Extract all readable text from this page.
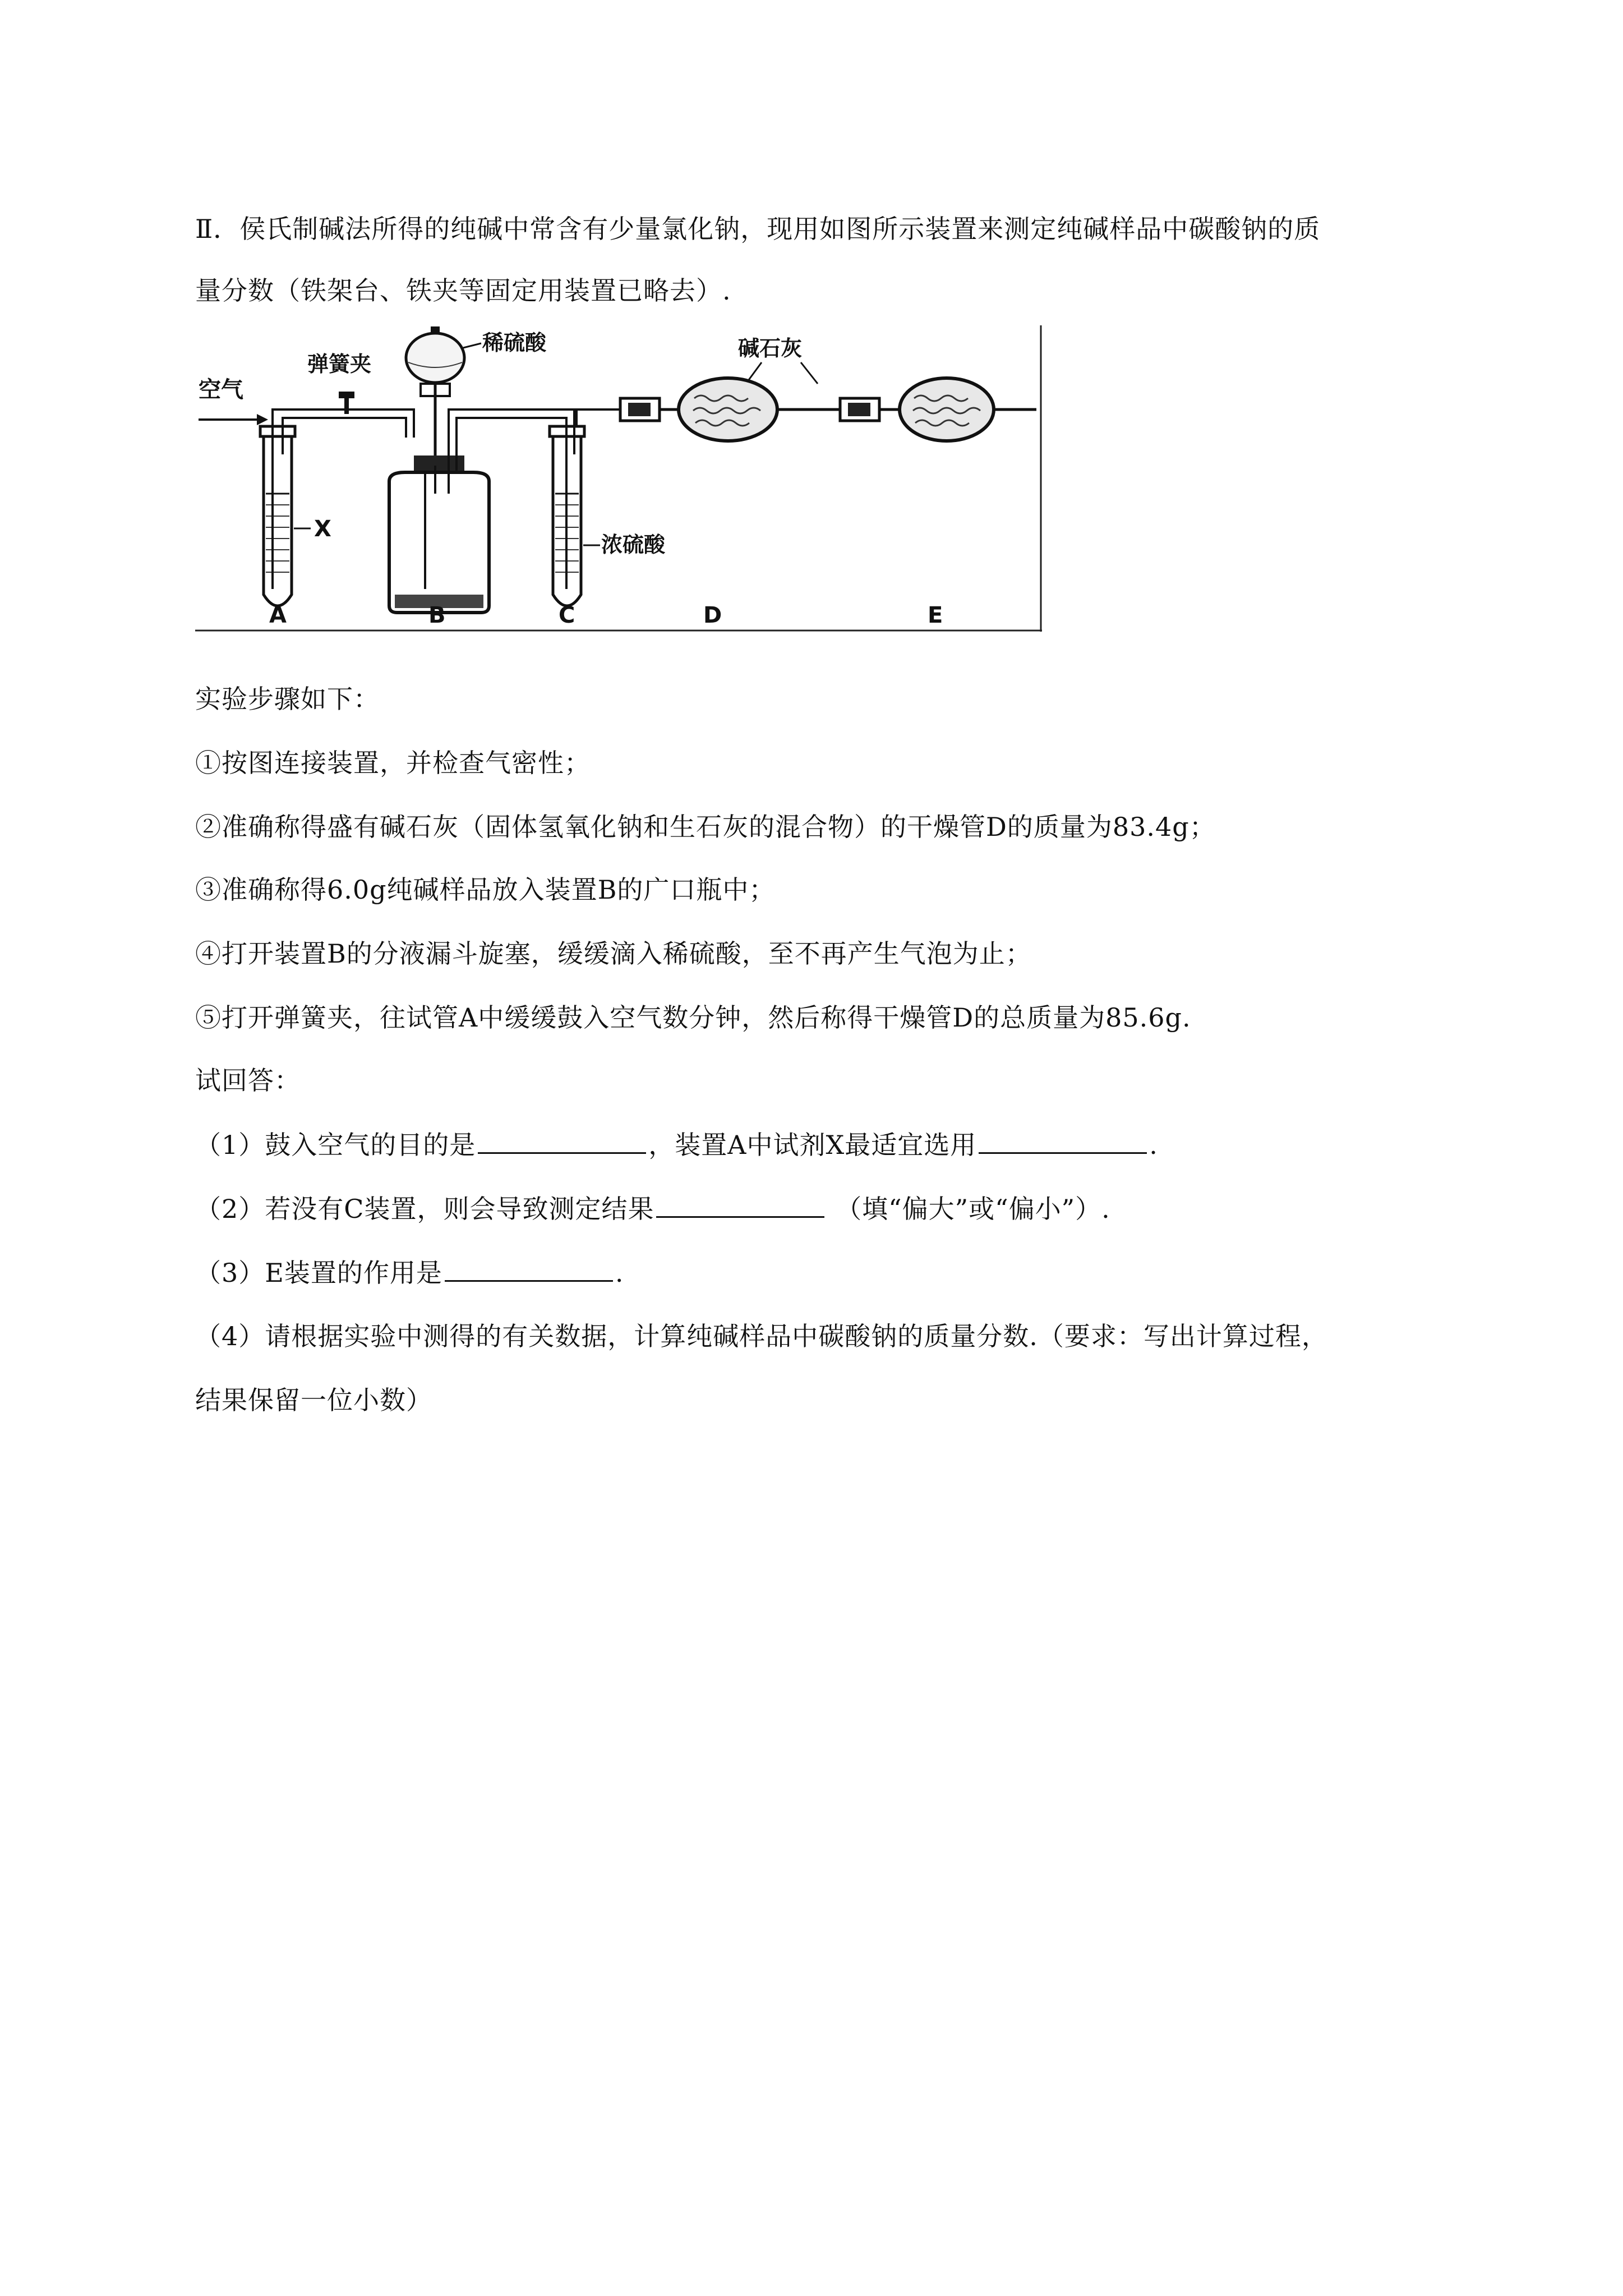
Ⅱ．侯氏制碱法所得的纯碱中常含有少量氯化钠，现用如图所示装置来测定纯碱样品中碳酸钠的质
量分数（铁架台、铁夹等固定用装置已略去）.
空气
X
弹簧夹
稀硫酸
浓硫酸
碱石灰
A	B	C	D	E
实验步骤如下：
①按图连接装置，并检查气密性；
②准确称得盛有碱石灰（固体氢氧化钠和生石灰的混合物）的干燥管D的质量为83.4g；
③准确称得6.0g纯碱样品放入装置B的广口瓶中；
④打开装置B的分液漏斗旋塞，缓缓滴入稀硫酸，至不再产生气泡为止；
⑤打开弹簧夹，往试管A中缓缓鼓入空气数分钟，然后称得干燥管D的总质量为85.6g.
试回答：
（1）鼓入空气的目的是	，装置A中试剂X最适宜选用	.
（2）若没有C装置，则会导致测定结果	（填“偏大”或“偏小”）.
（3）E装置的作用是	.
（4）请根据实验中测得的有关数据，计算纯碱样品中碳酸钠的质量分数.（要求：写出计算过程，
结果保留一位小数）
